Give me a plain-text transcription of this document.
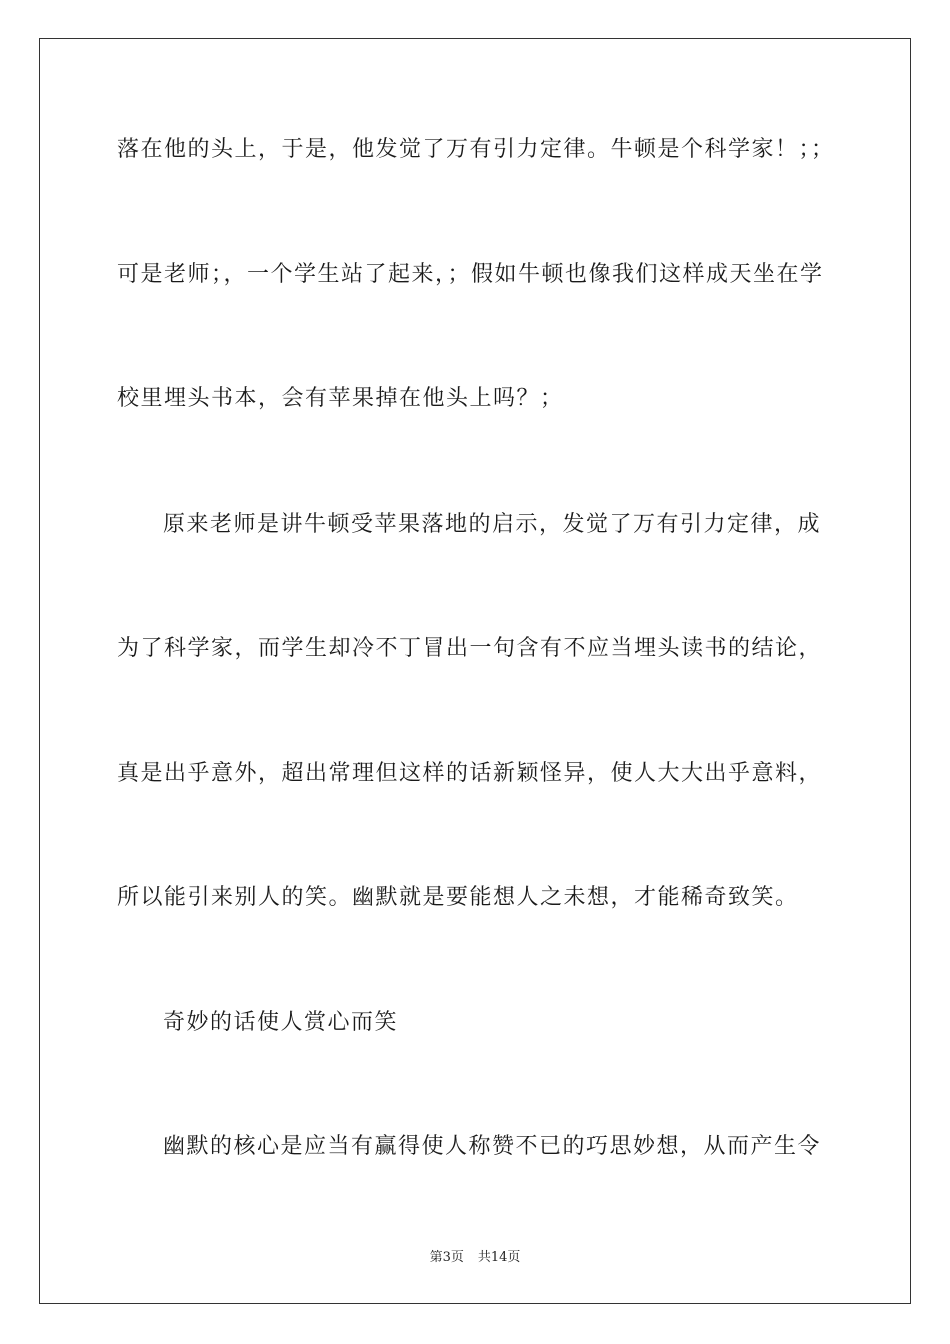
落在他的头上，于是，他发觉了万有引力定律。牛顿是个科学家！；；
可是老师；，一个学生站了起来，；假如牛顿也像我们这样成天坐在学
校里埋头书本，会有苹果掉在他头上吗？；
原来老师是讲牛顿受苹果落地的启示，发觉了万有引力定律，成
为了科学家，而学生却冷不丁冒出一句含有不应当埋头读书的结论，
真是出乎意外，超出常理但这样的话新颖怪异，使人大大出乎意料，
所以能引来别人的笑。幽默就是要能想人之未想，才能稀奇致笑。
奇妙的话使人赏心而笑
幽默的核心是应当有赢得使人称赞不已的巧思妙想，从而产生令
第3页 共14页
